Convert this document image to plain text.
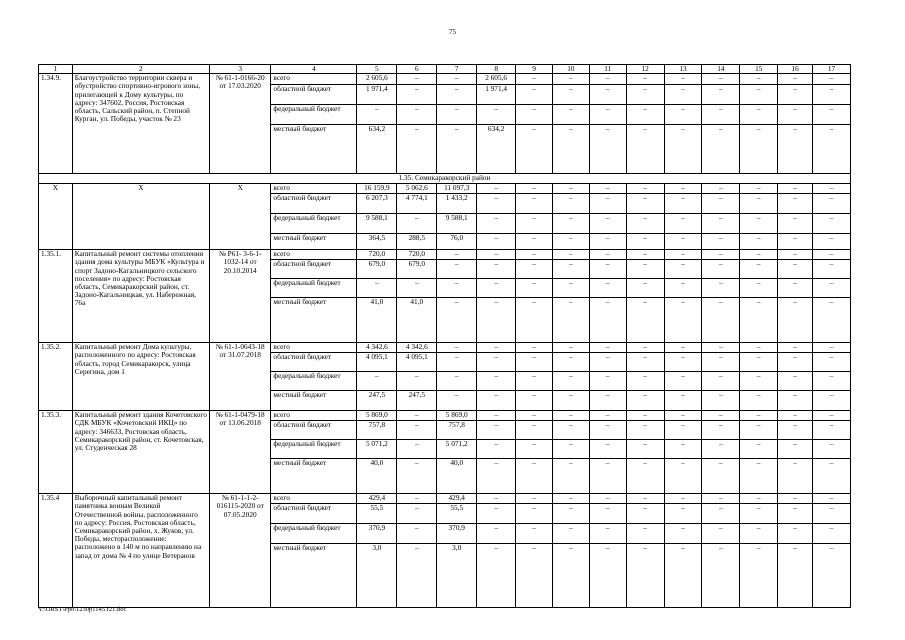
75
1	2	3	4	5	6	7	8	9	10	11	12	13	14	15	16	17
1.34.9.	Благоустройство территории сквера и обустройство спортивно-игрового зоны, прилегающей к Дому культуры, по адресу: 347602, Россия, Ростовская область, Сальский район, п. Степной Курган, ул. Победы, участок № 23	№ 61-1-0166-20 от 17.03.2020	всего	2 605,6	–	–	2 605,6	–	–	–	–	–	–	–	–	–
			областной бюджет	1 971,4	–	–	1 971,4	–	–	–	–	–	–	–	–	–
			федеральный бюджет	–	–	–	–	–	–	–	–	–	–	–	–	–
			местный бюджет	634,2	–	–	634,2	–	–	–	–	–	–	–	–	–
1.35. Семикаракорский район																
Х	Х	Х	всего	16 159,9	5 062,6	11 097,3	–	–	–	–	–	–	–	–	–	–
			областной бюджет	6 207,3	4 774,1	1 433,2	–	–	–	–	–	–	–	–	–	–
			федеральный бюджет	9 588,1	–	9 588,1	–	–	–	–	–	–	–	–	–	–
			местный бюджет	364,5	288,5	76,0	–	–	–	–	–	–	–	–	–	–
1.35.1.	Капитальный ремонт системы отопления здания дома культуры МБУК «Культура и спорт Задоно-Кагальницкого сельского поселения» по адресу: Ростовская область, Семикаракорский район, ст. Задоно-Кагальницкая, ул. Набережная, 76а	№ Р61- 3-6-1-1032-14 от 20.10.2014	всего	720,0	720,0	–	–	–	–	–	–	–	–	–	–	–
			областной бюджет	679,0	679,0	–	–	–	–	–	–	–	–	–	–	–
			федеральный бюджет	–	–	–	–	–	–	–	–	–	–	–	–	–
			местный бюджет	41,0	41,0	–	–	–	–	–	–	–	–	–	–	–
1.35.2.	Капитальный ремонт Дома культуры, расположенного по адресу: Ростовская область, город Семикаракорск, улица Серегина, дом 1	№ 61-1-0643-18 от 31.07.2018	всего	4 342,6	4 342,6	–	–	–	–	–	–	–	–	–	–	–
			областной бюджет	4 095,1	4 095,1	–	–	–	–	–	–	–	–	–	–	–
			федеральный бюджет	–	–	–	–	–	–	–	–	–	–	–	–	–
			местный бюджет	247,5	247,5	–	–	–	–	–	–	–	–	–	–	–
1.35.3.	Капитальный ремонт здания Кочетовского СДК МБУК «Кочетовский ИКЦ» по адресу: 346633, Ростовская область, Семикаракорский район, ст. Кочетовская, ул. Студенческая 28	№ 61-1-0479-18 от 13.06.2018	всего	5 869,0	–	5 869,0	–	–	–	–	–	–	–	–	–	–
			областной бюджет	757,8	–	757,8	–	–	–	–	–	–	–	–	–	–
			федеральный бюджет	5 071,2	–	5 071,2	–	–	–	–	–	–	–	–	–	–
			местный бюджет	40,0	–	40,0	–	–	–	–	–	–	–	–	–	–
1.35.4	Выборочный капитальный ремонт памятника воинам Великой Отечественной войны, расположенного по адресу: Россия, Ростовская область, Семикаракорский район, х. Жуков, ул. Победы, месторасположение: расположено в 140 м по направлению на запад от дома № 4 по улице Ветеранов	№ 61-1-1-2-016115-2020 от 07.05.2020	всего	429,4	–	429,4	–	–	–	–	–	–	–	–	–	–
			областной бюджет	55,5	–	55,5	–	–	–	–	–	–	–	–	–	–
			федеральный бюджет	370,9	–	370,9	–	–	–	–	–	–	–	–	–	–
			местный бюджет	3,0	–	3,0	–	–	–	–	–	–	–	–	–	–
Y:\ORST\Ppo\1230p1145.f21.doc
